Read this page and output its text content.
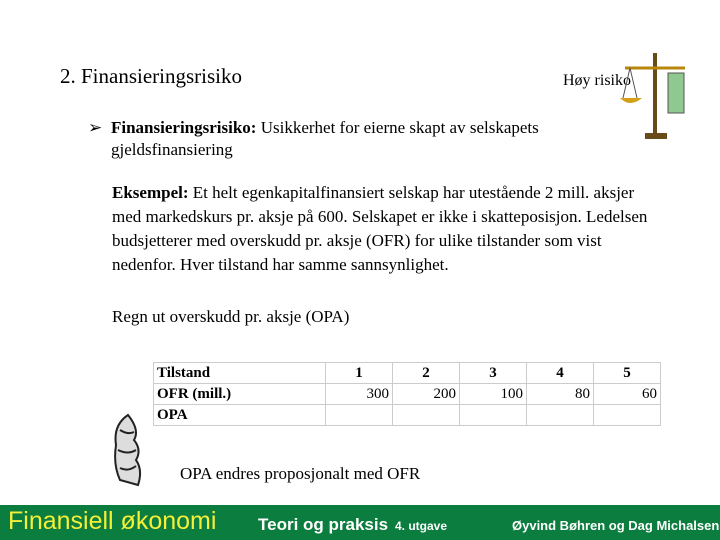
2. Finansieringsrisiko	Høy risiko
➢ Finansieringsrisiko: Usikkerhet for eierne skapt av selskapets gjeldsfinansiering
Eksempel: Et helt egenkapitalfinansiert selskap har utestående 2 mill. aksjer med markedskurs pr. aksje på 600. Selskapet er ikke i skatteposisjon. Ledelsen budsjetterer med overskudd pr. aksje (OFR) for ulike tilstander som vist nedenfor. Hver tilstand har samme sannsynlighet.
Regn ut overskudd pr. aksje (OPA)
Tilstand	1	2	3	4	5
OFR (mill.)	300	200	100	80	60
OPA					
OPA endres proposjonalt med OFR
Finansiell økonomi Teori og praksis 4. utgave	Øyvind Bøhren og Dag Michalsen
